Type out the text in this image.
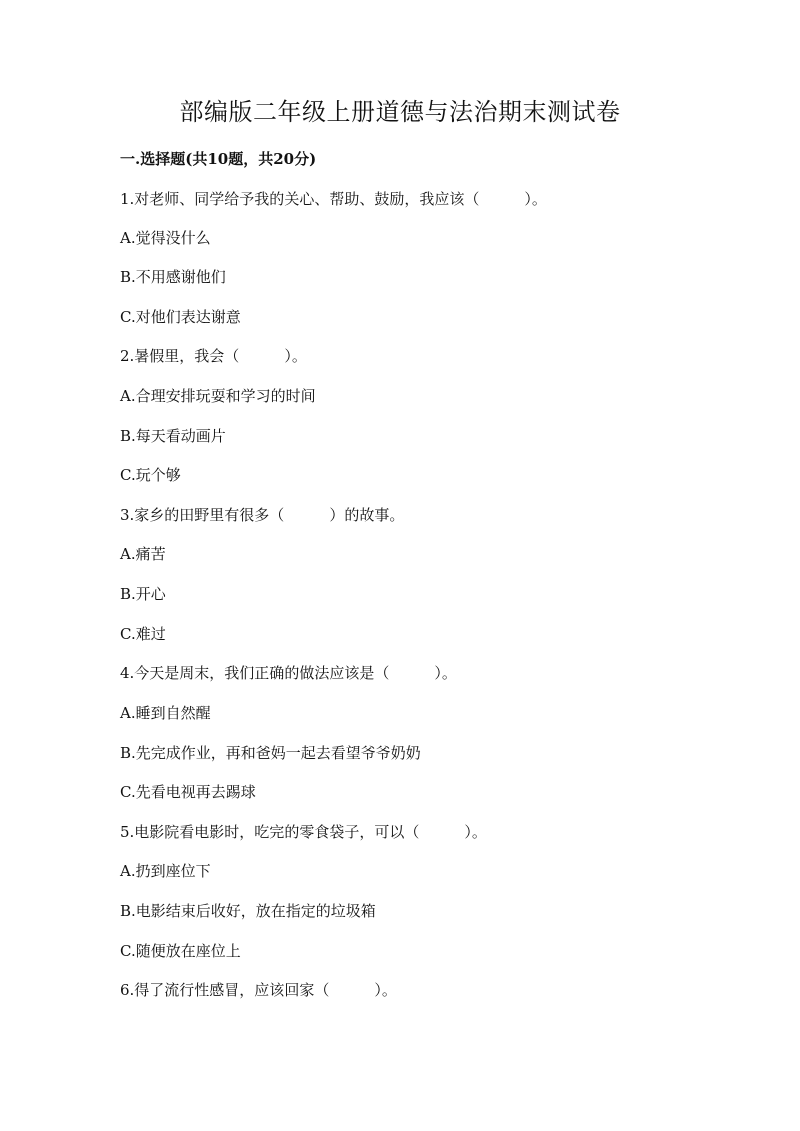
部编版二年级上册道德与法治期末测试卷
一.选择题(共10题，共20分)
1.对老师、同学给予我的关心、帮助、鼓励，我应该（　　　）。
A.觉得没什么
B.不用感谢他们
C.对他们表达谢意
2.暑假里，我会（　　　）。
A.合理安排玩耍和学习的时间
B.每天看动画片
C.玩个够
3.家乡的田野里有很多（　　　）的故事。
A.痛苦
B.开心
C.难过
4.今天是周末，我们正确的做法应该是（　　　）。
A.睡到自然醒
B.先完成作业，再和爸妈一起去看望爷爷奶奶
C.先看电视再去踢球
5.电影院看电影时，吃完的零食袋子，可以（　　　）。
A.扔到座位下
B.电影结束后收好，放在指定的垃圾箱
C.随便放在座位上
6.得了流行性感冒，应该回家（　　　）。
